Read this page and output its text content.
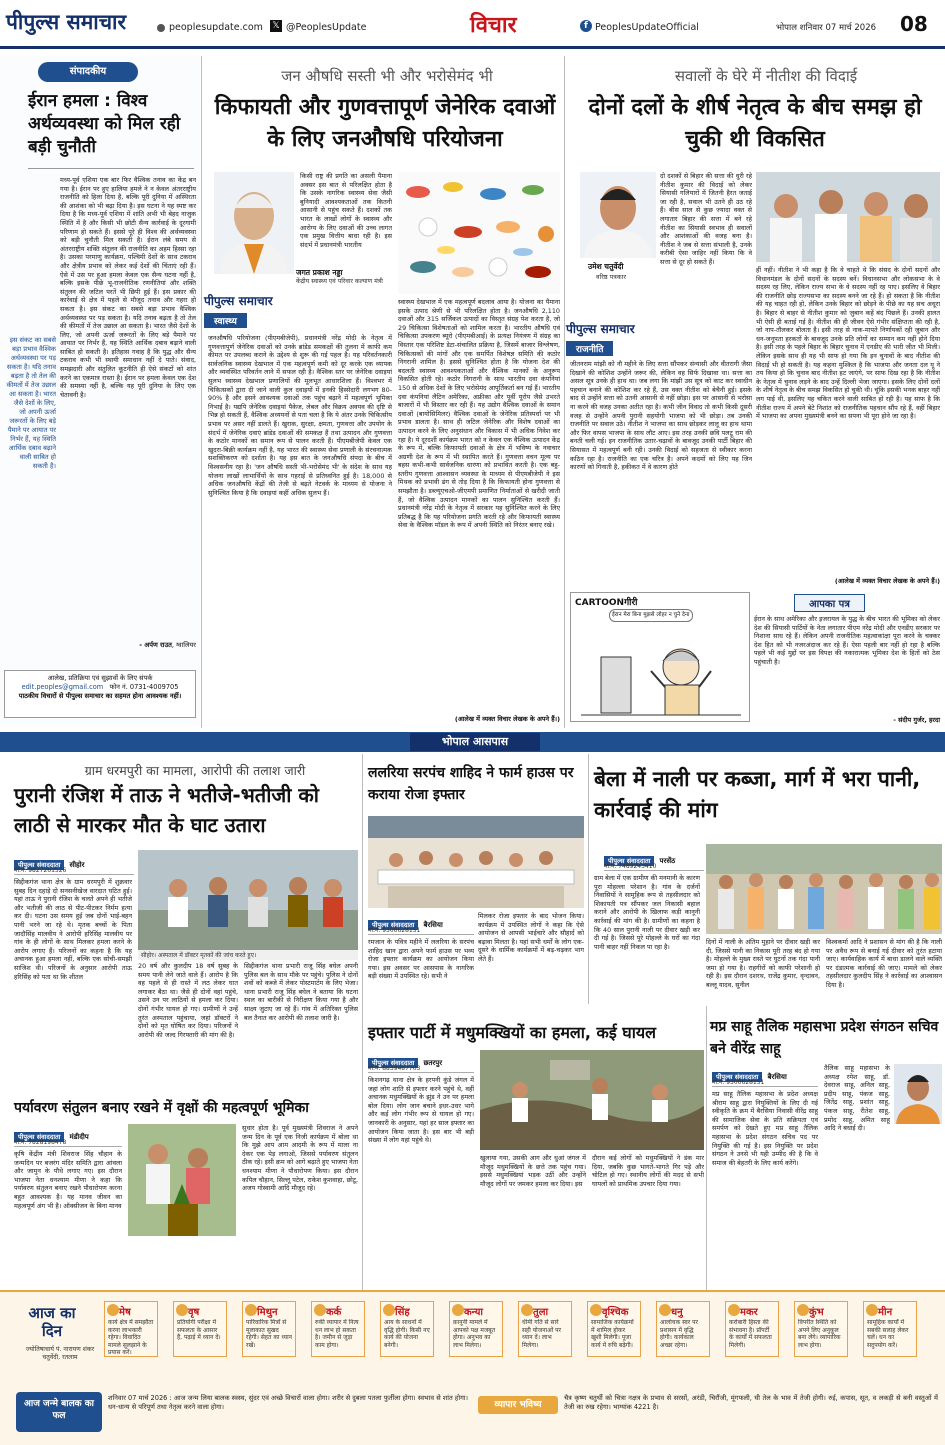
पीपुल्स समाचार	peoplesupdate.com 𝕏 @PeoplesUpdate	विचार	f PeoplesUpdateOfficial	भोपाल शनिवार 07 मार्च 2026 08
संपादकीय
ईरान हमला : विश्व अर्थव्यवस्था को मिल रही बड़ी चुनौती
मध्य-पूर्व एशिया एक बार फिर वैश्विक तनाव का केंद्र बन गया है। ईरान पर हुए हालिया हमले ने न केवल अंतरराष्ट्रीय राजनीति को हिला दिया है, बल्कि पूरी दुनिया में अस्थिरता की आशंका को भी बढ़ा दिया है। इस घटना ने यह स्पष्ट कर दिया है कि मध्य-पूर्व एशिया में शांति अभी भी बेहद नाजुक स्थिति में है और किसी भी छोटी सैन्य कार्रवाई के दूरगामी परिणाम हो सकते हैं। इससे पूरे ही विश्व की अर्थव्यवस्था को बड़ी चुनौती मिल सकती है। ईरान लंबे समय से अंतरराष्ट्रीय शक्ति संतुलन की राजनीति का अहम हिस्सा रहा है। उसका परमाणु कार्यक्रम, पश्चिमी देशों के साथ टकराव और क्षेत्रीय प्रभाव को लेकर कई देशों की चिंताएं रही हैं। ऐसे में उस पर हुआ हमला केवल एक सैन्य घटना नहीं है, बल्कि इसके पीछे भू-राजनीतिक रणनीतियां और शक्ति संतुलन की जटिल परतें भी छिपी हुई हैं। इस प्रकार की कार्रवाई से क्षेत्र में पहले से मौजूद तनाव और गहरा हो सकता है। इस संकट का सबसे बड़ा प्रभाव वैश्विक अर्थव्यवस्था पर पड़ सकता है। यदि तनाव बढ़ता है तो तेल की कीमतों में तेज उछाल आ सकता है। भारत जैसे देशों के लिए, जो अपनी ऊर्जा जरूरतों के लिए बड़े पैमाने पर आयात पर निर्भर हैं, यह स्थिति आर्थिक दबाव बढ़ाने वाली साबित हो सकती है। इतिहास गवाह है कि युद्ध और सैन्य टकराव कभी भी स्थायी समाधान नहीं दे पाते। संवाद, समझदारी और संतुलित कूटनीति ही ऐसे संकटों को शांत करने का एकमात्र रास्ता है। ईरान पर हमला केवल एक देश की समस्या नहीं है, बल्कि यह पूरी दुनिया के लिए एक चेतावनी है।
इस संकट का सबसे बड़ा प्रभाव वैश्विक अर्थव्यवस्था पर पड़ सकता है। यदि तनाव बढ़ता है तो तेल की कीमतों में तेज उछाल आ सकता है। भारत जैसे देशों के लिए, जो अपनी ऊर्जा जरूरतों के लिए बड़े पैमाने पर आयात पर निर्भर हैं, यह स्थिति आर्थिक दबाव बढ़ाने वाली साबित हो सकती है।
- अर्पण राउत, ग्वालियर
आलेख, प्रतिक्रिया एवं सुझावों के लिए संपर्क
edit.peoples@gmail.com फोन नं. 0731-4009705
पाठकीय विचारों से पीपुल्स समाचार का सहमत होना आवश्यक नहीं।
जन औषधि सस्ती भी और भरोसेमंद भी
किफायती और गुणवत्तापूर्ण जेनेरिक दवाओं के लिए जनऔषधि परियोजना
जगत प्रकाश नड्डा
केंद्रीय स्वास्थ्य एवं परिवार कल्याण मंत्री
किसी राष्ट्र की प्रगति का असली पैमाना अक्सर इस बात से परिलक्षित होता है कि उसके नागरिक स्वास्थ्य सेवा जैसी बुनियादी आवश्यकताओं तक कितनी आसानी से पहुंच सकते हैं। दशकों तक भारत के लाखों लोगों के स्वास्थ्य और आरोग्य के लिए दवाओं की उच्च लागत एक प्रमुख वित्तीय बाधा रही है। इस संदर्भ में प्रधानमंत्री भारतीय
पीपुल्स समाचार
स्वास्थ्य
जनऔषधि परियोजना (पीएमबीजेपी), प्रधानमंत्री नरेंद्र मोदी के नेतृत्व में गुणवत्तापूर्ण जेनेरिक दवाओं को उनके ब्रांडेड समकक्षों की तुलना में काफी कम कीमत पर उपलब्ध कराने के उद्देश्य से शुरू की गई पहल है। यह परिवर्तनकारी सार्वजनिक स्वास्थ्य देखभाल में एक महत्वपूर्ण कमी को दूर करके एक व्यापक और व्यवस्थित परिवर्तन लाने में सफल रही है। वैश्विक स्तर पर जेनेरिक दवाइयां सुलभ स्वास्थ्य देखभाल प्रणालियों की मूलभूत आधारशिला हैं। विश्वभर में चिकित्सकों द्वारा दी जाने वाली कुल दवाइयों में इनकी हिस्सेदारी लगभग 80-90% है और इसने आवश्यक दवाओं तक पहुंच बढ़ाने में महत्वपूर्ण भूमिका निभाई है। यद्यपि जेनेरिक दवाइयां पैकेज, लेबल और विक्रय अवयव की दृष्टि से भिन्न हो सकती हैं, वैश्विक अध्ययनों से पता चला है कि ये अंतर उनके चिकित्सीय प्रभाव पर असर नहीं डालते हैं। खुराक, सुरक्षा, क्षमता, गुणवत्ता और उपयोग के संदर्भ में जेनेरिक दवाएं ब्रांडेड दवाओं की समकक्ष हैं तथा उत्पादन और गुणवत्ता के कठोर मानकों का समान रूप से पालन करती हैं। पीएमबीजेपी केवल एक खुदरा-बिक्री कार्यक्रम नहीं है, यह भारत की स्वास्थ्य सेवा प्रणाली के संरचनात्मक सशक्तिकरण को दर्शाता है। यह इस बात के जनऔषधि संपदा के बीच में विश्वसनीय रहा है। 'जन औषधि सस्ती भी-भरोसेमंद भी' के संदेश के साथ यह योजना लाखों लाभार्थियों के साथ गहराई से प्रतिध्वनित हुई है। 18,000 से अधिक जनऔषधि केंद्रों की तेजी से बढ़ते नेटवर्क के माध्यम से योजना ने सुनिश्चित किया है कि दवाइयां कहीं अधिक सुलभ हैं।
स्वास्थ्य देखभाल में एक महत्वपूर्ण बदलाव आया है। योजना का पैमाना इसके उत्पाद श्रेणी से भी परिलक्षित होता है। जनऔषधि 2,110 दवाओं और 315 सर्जिकल उत्पादों का विस्तृत संग्रह पेश करता है, जो 29 चिकित्सा विशेषताओं को शामिल करता है। भारतीय औषधि एवं चिकित्सा उपकरण ब्यूरो (पीएमबीआई) के प्रत्यक्ष नियंत्रण में संग्रह का विस्तार एक परिशिष्ट डेटा-संचालित प्रक्रिया है, जिसमें बाजार विश्लेषण, चिकित्सकों की मांगों और एक समर्पित विशेषज्ञ समिति की कठोर निगरानी शामिल है। इससे सुनिश्चित होता है कि योजना देश की बदलती स्वास्थ्य आवश्यकताओं और वैश्विक मानकों के अनुरूप विकसित होती रहे। कठोर निगरानी के साथ भारतीय दवा कंपनियां 150 से अधिक देशों के लिए भरोसेमंद आपूर्तिकर्ता बन गई हैं। भारतीय दवा कंपनियां लैटिन अमेरिका, अफ्रीका और पूर्वी यूरोप जैसे उभरते बाजारों में भी विस्तार कर रही हैं। यह उद्योग वैश्विक दवाओं के समान दवाओं (बायोसिमिलर) वैश्विक दवाओं के जेनेरिक प्रतिस्पर्धा पर भी प्रभाव डालता है। साथ ही जटिल जेनेरिक और विशेष दवाओं का उत्पादन करने के लिए अनुसंधान और विकास में भी अधिक निवेश कर रहा है। ये दूरदर्शी कार्यक्रम भारत को न केवल एक वैश्विक उत्पादन केंद्र के रूप में, बल्कि किफायती दवाओं के क्षेत्र में भविष्य के नवाचार अग्रणी देश के रूप में भी स्थापित करते हैं। गुणवत्ता वचन मूल्य पर बहस कभी-कभी सार्वजनिक धारणा को प्रभावित करती है। एक बहु-स्तरीय गुणवत्ता आश्वासन व्यवस्था के माध्यम से पीएमबीजेपी ने इस मिथक को प्रभावी ढंग से तोड़ दिया है कि किफायती होना गुणवत्ता से समझौता है। डब्ल्यूएचओ-जीएमपी प्रमाणित निर्माताओं से खरीदी जाती हैं, जो वैश्विक उत्पादन मानकों का पालन सुनिश्चित करती हैं। प्रधानमंत्री नरेंद्र मोदी के नेतृत्व में सरकार यह सुनिश्चित करने के लिए प्रतिबद्ध है कि यह परियोजना प्रगति करती रहे और किफायती स्वास्थ्य सेवा के वैश्विक मॉडल के रूप में अपनी स्थिति को निरंतर बनाए रखे।
(आलेख में व्यक्त विचार लेखक के अपने हैं।)
सवालों के घेरे में नीतीश की विदाई
दोनों दलों के शीर्ष नेतृत्व के बीच समझ हो चुकी थी विकसित
उमेश चतुर्वेदी
वरिष्ठ पत्रकार
दो दशकों से बिहार की सत्ता की धुरी रहे नीतीश कुमार की विदाई को लेकर सियासी गलियारों में जितनी हैरत जताई जा रही है, सवाल भी उतने ही उठ रहे हैं। बीस साल से कुछ ज्यादा वक्त से लगातार बिहार की सत्ता में बने रहे नीतीश का सियासी स्वभाव ही सवालों और आशंकाओं की वजह बना है। नीतीश ने जब से सत्ता संभाली है, उनके करीबी ऐसा जाहिर नहीं किया कि वे सत्ता से दूर हो सकते हैं।
पीपुल्स समाचार
राजनीति
जीतनराम मांझी को नौ महीने के लिए सत्ता सौंपकर संन्यासी और वीतरागी जैसा दिखाने की कोशिश उन्होंने जरूर की, लेकिन वह सिर्फ दिखावा था। सत्ता का असल सूत्र उनके ही हाथ था। जब लगा कि मांझी उस सूत्र को काट कर स्वाधीन पहचान बनाने की कोशिश कर रहे हैं, उस वक्त नीतीश को बेचैनी हुई। इसके बाद से उन्होंने सत्ता को उतनी आसानी से नहीं छोड़ा। इस पर आसानी से भरोसा ना करने की वजह उनका अतीत रहा है। कभी जीन विवाद तो कभी किसी दूसरी वजह से उन्होंने अपनी पुरानी सहयोगी भाजपा को भी छोड़ा। तब उनकी राजनीति पर सवाल उठे। नीतीश ने भाजपा का साथ छोड़कर लालू का हाथ थामा और फिर वापस भाजपा के साथ लौट आए। इस तरह उनकी छवि पलटू राम की बनती चली गई। इन राजनीतिक उतार-चढ़ावों के बावजूद उनकी पार्टी बिहार की सियासत में महत्वपूर्ण बनी रही। उनकी विदाई को सहजता से स्वीकार करना कठिन रहा है। राजनीति का एक चरित्र है। अपने कदमों को लिए यह जिन कारणों को गिनाती है, हकीकत में वे कारण होते
हीं नहीं। नीतीश ने भी कहा है कि वे चाहते थे कि संसद के दोनों सदनों और विधानमंडल के दोनों सदनों के सदस्य बनें। विधानसभा और लोकसभा के वे सदस्य रह लिए, लेकिन राज्य सभा के वे सदस्य नहीं रह पाए। इसलिए वे बिहार की राजनीति छोड़ राज्यसभा का सदस्य बनने जा रहे हैं। हो सकता है कि नीतीश की यह चाहत रही हो, लेकिन उनके बिहार को छोड़ने के पीछे का यह सच अधूरा है। बिहार से बाहर से नीतीश कुमार को जुबान कहें बंद पिछले हैं। उनकी हालत भी ऐसी ही बताई गई है। नीतीश की ही जीवन ऐसे गंभीर संक्षिप्तता की रही है, जो नाप-तौलकर बोलता है। इसी तरह से नाक-मापते निर्णायकों रही जुबान और धन-जनूपता हरकतों के बावजूद उनके प्रति लोगों का सम्मान कम नहीं होने दिया है। इसी तरह के पहले बिहार के बिहार चुनाव में एनडीए की भारी जीत भी मिली। लेकिन इसके साथ ही यह भी साफ हो गया कि इन चुनावों के बाद नीतीश की विदाई भी हो सकती है। यह कहना मुश्किल है कि भाजपा और जनता दल यू ने तय किया हो कि चुनाव बाद नीतीश हट जाएंगे, पर साफ दिख रहा है कि नीतीश के नेतृत्व में चुनाव लड़ने के बाद उन्हें दिल्ली भेजा जाएगा। इसके लिए दोनों दलों के शीर्ष नेतृत्व के बीच समझ विकसित हो चुकी थी। चूंकि इसकी भनक बाहर नहीं लग पाई थी, इसलिए यह चकित करने वाली साबित हो रही है। यह साफ है कि नीतीश राज्य में अपने बेटे निशांत को राजनीतिक पहचान सौंप रहे हैं, वहीं बिहार में भाजपा का अपना मुख्यमंत्री बनने का सपना भी पूरा होने जा रहा है।
(आलेख में व्यक्त विचार लेखक के अपने हैं।)
CARTOONगीरी
ईरान मेरा बिना मुझसे लोहर न चुने देना
आपका पत्र
ईरान के साथ अमेरिका और इजरायल के युद्ध के बीच भारत की भूमिका को लेकर देश की सियासी पार्टियों के नेता लगातार पीएम नरेंद्र मोदी और एनडीए सरकार पर निशाना साध रहे हैं। लेकिन अपनी राजनीतिक महत्वाकांक्षा पूरा करने के चक्कर देश हित को भी नजरअंदाज कर रहे हैं। ऐसा पहली बार नहीं हो रहा है बल्कि पहले भी कई मुद्दों पर इस विपक्ष की नकारात्मक भूमिका देश के हितों को ठेस पहुंचाती है।
- संदीप गुर्जर, हरदा
भोपाल आसपास
ग्राम धरमपुरी का मामला, आरोपी की तलाश जारी
पुरानी रंजिश में ताऊ ने भतीजे-भतीजी को लाठी से मारकर मौत के घाट उतारा
पीपुल्स संवाददाता सीहोर
मो.नं. 9827261526
सीहोर। अस्पताल में डॉक्टर मृतकों की जांच करते हुए।
सिद्दीकगंज थाना क्षेत्र के ग्राम धरमपुरी में शुक्रवार सुबह दिन दहाड़े दो सनसनीखेज वारदात घटित हुई। यहां ताऊ ने पुरानी रंजिश के चलते अपने ही भतीजे और भतीजी की लाठ से पीट-पीटकर निर्मम हत्या कर दी। घटना उस समय हुई जब दोनों भाई-बहन पानी भरने जा रहे थे। मृतक बच्चों के पिता जादौसिंह मालवीय ने आरोपी हरिसिंह मालवीय पर गांव के ही लोगों के साथ मिलकर हमला करने के आरोप लगाए हैं। परिजनों का कहना है कि यह अचानक हुआ हमला नहीं, बल्कि एक सोची-समझी साजिश थी। परिजनों के अनुसार आरोपी ताऊ हरिसिंह को पता था कि शीतल
20 वर्ष और कुलदीप 18 वर्ष सुबह के समय पानी लेने जाते वाले हैं। आरोप है कि वह पहले से ही रास्ते में लठ लेकर घात लगाकर बैठा था। जैसे ही दोनों वहां पहुंचे, उसने उन पर लाठियों से हमला कर दिया। दोनों गंभीर घायल हो गए। ग्रामीणों ने उन्हें तुरंत अस्पताल पहुंचाया, जहां डॉक्टरों ने दोनों को मृत घोषित कर दिया। परिजनों ने आरोपी की जल्द गिरफ्तारी की मांग की है।
सिद्दीकगंज थाना प्रभारी राजू सिंह बघेल अपनी पुलिस बल के साथ मौके पर पहुंचे। पुलिस ने दोनों शवों को कब्जे में लेकर पोस्टमार्टम के लिए भेजा। थाना प्रभारी राजू सिंह बघेल ने बताया कि घटना स्थल का बारीकी से निरीक्षण किया गया है और साक्ष्य जुटाए जा रहे हैं। गांव में अतिरिक्त पुलिस बल तैनात कर आरोपी की तलाश जारी है।
ललरिया सरपंच शाहिद ने फार्म हाउस पर कराया रोजा इफ्तार
पीपुल्स संवाददाता बैरसिया
मो.नं. 9300628151
रमजान के पवित्र महीने में ललरिया के सरपंच शाहिद खान द्वारा अपने फार्म हाउस पर भव्य रोजा इफ्तार कार्यक्रम का आयोजन किया गया। इस अवसर पर आसपास के नागरिक बड़ी संख्या में उपस्थित रहे। सभी ने
मिलकर रोजा इफ्तार के बाद भोजन किया। कार्यक्रम में उपस्थित लोगों ने कहा कि ऐसे आयोजन से आपसी भाईचारे और सौहार्द को बढ़ावा मिलता है। यहां सभी धर्मों के लोग एक-दूसरे के धार्मिक कार्यक्रमों में बढ़-चढ़कर भाग लेते हैं।
बेला में नाली पर कब्जा, मार्ग में भरा पानी, कार्रवाई की मांग
पीपुल्स संवाददाता परसेंठ
मो.नं. 7489243410
ग्राम बेला में एक ग्रामीण की मनमानी के कारण पूरा मोहल्ला परेशान है। गांव के दर्जनों निवासियों ने सामूहिक रूप से तहसीलदार को शिकायती पत्र सौंपकर जल निकासी बहाल कराने और आरोपी के खिलाफ कड़ी कानूनी कार्रवाई की मांग की है। ग्रामीणों का कहना है कि 40 साल पुरानी नाली पर दीवार खड़ी कर दी गई है। जिससे पूरे मोहल्ले के घरों का गंदा पानी बाहर नहीं निकल पा रहा है।
दिनों में नाली के अंतिम मुहाने पर दीवार खड़ी कर दी, जिससे पानी का निकास पूरी तरह बंद हो गया है। मोहल्ले के मुख्य रास्ते पर घुटनों तक गंदा पानी जमा हो गया है। राहगीरों को काफी परेशानी हो रही है। इस दौरान दशरथ, राजेंद्र कुमार, वृन्दावन, बल्लू यादव, सुनील
विश्वकर्मा आदि ने प्रशासन से मांग की है कि नाली पर अवैध रूप से बनाई गई दीवार को तुरंत हटाया जाए। कार्यवाहिक कार्य में बाधा डालने वाले व्यक्ति पर दंडात्मक कार्रवाई की जाए। मामले को लेकर तहसीलदार कुलदीप सिंह ने कार्रवाई का आश्वासन दिया है।
पर्यावरण संतुलन बनाए रखने में वृक्षों की महत्वपूर्ण भूमिका
पीपुल्स संवाददाता मंडीदीप
मो.नं. 7828198478
कृषि केंद्रीय मंत्री शिवराज सिंह चौहान के जन्मदिन पर बजरंग मंदिर समिति द्वारा आंवला और जामुन के पौधे लगाए गए। इस दौरान भाजपा नेता धनश्याम मीणा ने कहा कि पर्यावरण संतुलन बनाए रखने पौधारोपण करना बहुत आवश्यक है। यह मानव जीवन का महत्वपूर्ण अंग भी है। ऑक्सीजन के बिना मानव
सुधार होता है। पूर्व मुख्यमंत्री शिवराज ने अपने जन्म दिन के पूर्व एक निजी कार्यक्रम में बोला था कि मुझे आप आम आदमी के रूप में माला ना देकर एक पेड़ लगाओ, जिससे पर्यावरण संतुलन ठीक रहे। इसी क्रम को आगे बढ़ाते हुए भाजपा नेता धनश्याम मीणा ने पौधारोपण किया। इस दौरान कपिल चौहान, सिल्लू पटेल, राकेश कुशवाहा, छोटू, अजय गोस्वामी आदि मौजूद रहे।
इफ्तार पार्टी में मधुमक्खियों का हमला, कई घायल
पीपुल्स संवाददाता छतरपुर
मो.नं. 8839487703
किशनगढ़ थाना क्षेत्र के हरपनी कुंडे जंगल में जहां लोग शाति से इफ्तार करने पहुंचे थे, वहीं अचानक मधुमक्खियों के झुंड ने उन पर हमला बोल दिया। लोग जान बचाने इधर-उधर भागे और कई लोग गंभीर रूप से घायल हो गए। जानकारी के अनुसार, यहां हर साल इफ्तार का आयोजन किया जाता है। इस बार भी बड़ी संख्या में लोग यहां पहुंचे थे।
खुलाया गया, उसकी आग और धुआं जंगल में मौजूद मधुमक्खियों के छत्ते तक पहुंच गया। इससे मधुमक्खियां भड़क उठीं और उन्होंने मौजूद लोगों पर जमकर हमला कर दिया। इस
दौरान कई लोगों को मधुमक्खियों ने डंक मार दिया, जबकि कुछ भागते-भागते गिर पड़े और चोटिल हो गए। स्थानीय लोगों की मदद से सभी घायलों को प्राथमिक उपचार दिया गया।
मप्र साहू तैलिक महासभा प्रदेश संगठन सचिव बने वीरेंद्र साहू
पीपुल्स संवाददाता बैरसिया
मो.नं. 9300628151
मप्र साहू तैलिक महासभा के प्रदेश अध्यक्ष श्रीराम साहू द्वारा नियुक्तियों के लिए दी गई स्वीकृति के क्रम में बैरसिया निवासी वीरेंद्र साहू की सामाजिक सेवा के प्रति सक्रियता एवं समर्पण को देखते हुए मप्र साहू तैलिक महासभा के प्रदेश संगठन सचिव पद पर नियुक्ति की गई है। इस नियुक्ति पर प्रदेश संगठन ने उनसे भी यही उम्मीद की है कि वे समाज की बेहतरी के लिए कार्य करेंगे।
तैलिक साहू महासभा के अध्यक्ष रमेश साहू, डॉ. देवराज साहू, अनिल साहू, प्रदीप साहू, पंकज साहू, जितेंद्र साहू, प्रशांत साहू, पंकज साहू, रीतेश साहू, प्रमोद साहू, अमित साहू आदि ने बधाई दी।
आज का दिन
ज्योतिषाचार्य पं. नारायण शंकर चतुर्वेदी, रतलाम
मेष
कार्य क्षेत्र में समझौता करना लाभकारी रहेगा। विवादित मामले सुलझाने के प्रयास करें।
वृष
प्रतियोगी परीक्षा में सफलता के आसार हैं, पढ़ाई में ध्यान दें।
मिथुन
पारिवारिक मित्रों से मुलाकात सुखद रहेगी। सेहत का ध्यान रखें।
कर्क
रुकी व्यापार में नित्य धन लाभ हो सकता है। जमीन से जुड़ा काम होगा।
सिंह
आय के साधनों में वृद्धि होगी। किसी नए कार्य की योजना बनेगी।
कन्या
क़ानूनी मामले में आपको पक्ष मजबूत होगा। अनुभव का लाभ मिलेगा।
तुला
धीमी गति से सारे सही योजनाओं पर ध्यान दें। लाभ मिलेगा।
वृश्चिक
सामाजिक कार्यक्रमों में शामिल होकर खुशी मिलेगी। पूजा कार्य में रुचि बढ़ेगी।
धनु
आलोचक स्वर पर प्रशासन में वृद्धि होगी। कार्यकाल अच्छा रहेगा।
मकर
करोबारी हिस्ता की संभावना है। प्रॉपर्टी के कार्यों में सफलता मिलेगी।
कुंभ
विपरीत स्थिति को अपने लिए अनुकूल बना लेंगे। व्यापारिक लाभ होगा।
मीन
सामूहिक कार्यों में सबकी सलाह लेकर चलें। धन का सदुपयोग करें।
आज जन्मे बालक का फल
शनिवार 07 मार्च 2026 : आज जन्म लिया बालक स्वस्थ, सुंदर एवं अच्छे विचारों वाला होगा। शरीर से दुबला पतला फुर्तीला होगा। स्वभाव से शांत होगा। धन-धान्य से परिपूर्ण तथा नेतृत्व करने वाला होगा।	व्यापार भविष्य
चैत्र कृष्ण चतुर्थी को चित्रा नक्षत्र के प्रभाव से सरसों, अरंडी, चिरौंजी, मूंगफली, घी तेल के भाव में तेजी होगी। रुई, कपास, सूत, व लकड़ी से बनी वस्तुओं में तेजी का रुख रहेगा। भाग्यांक 4221 है।
